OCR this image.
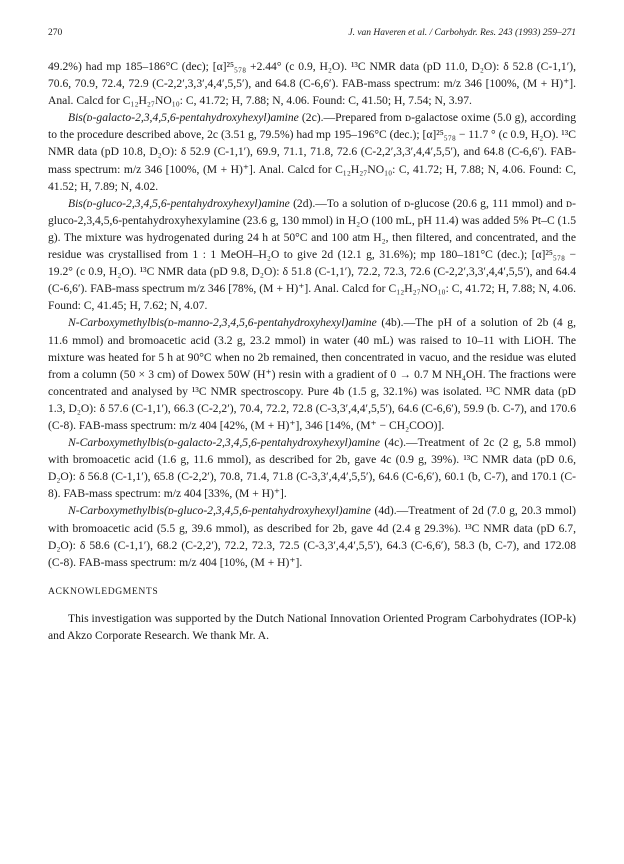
270	J. van Haveren et al. / Carbohydr. Res. 243 (1993) 259–271

49.2%) had mp 185–186°C (dec); [α]²⁵₅₇₈ +2.44° (c 0.9, H₂O). ¹³C NMR data (pD 11.0, D₂O): δ 52.8 (C-1,1′), 70.6, 70.9, 72.4, 72.9 (C-2,2′,3,3′,4,4′,5,5′), and 64.8 (C-6,6′). FAB-mass spectrum: m/z 346 [100%, (M + H)⁺]. Anal. Calcd for C₁₂H₂₇NO₁₀: C, 41.72; H, 7.88; N, 4.06. Found: C, 41.50; H, 7.54; N, 3.97.

Bis(ᴅ-galacto-2,3,4,5,6-pentahydroxyhexyl)amine (2c).—Prepared from ᴅ-galactose oxime (5.0 g), according to the procedure described above, 2c (3.51 g, 79.5%) had mp 195–196°C (dec.); [α]²⁵₅₇₈ − 11.7 ° (c 0.9, H₂O). ¹³C NMR data (pD 10.8, D₂O): δ 52.9 (C-1,1′), 69.9, 71.1, 71.8, 72.6 (C-2,2′,3,3′,4,4′,5,5′), and 64.8 (C-6,6′). FAB-mass spectrum: m/z 346 [100%, (M + H)⁺]. Anal. Calcd for C₁₂H₂₇NO₁₀: C, 41.72; H, 7.88; N, 4.06. Found: C, 41.52; H, 7.89; N, 4.02.

Bis(ᴅ-gluco-2,3,4,5,6-pentahydroxyhexyl)amine (2d).—To a solution of ᴅ-glucose (20.6 g, 111 mmol) and ᴅ-gluco-2,3,4,5,6-pentahydroxyhexylamine (23.6 g, 130 mmol) in H₂O (100 mL, pH 11.4) was added 5% Pt–C (1.5 g). The mixture was hydrogenated during 24 h at 50°C and 100 atm H₂, then filtered, and concentrated, and the residue was crystallised from 1 : 1 MeOH–H₂O to give 2d (12.1 g, 31.6%); mp 180–181°C (dec.); [α]²⁵₅₇₈ − 19.2° (c 0.9, H₂O). ¹³C NMR data (pD 9.8, D₂O): δ 51.8 (C-1,1′), 72.2, 72.3, 72.6 (C-2,2′,3,3′,4,4′,5,5′), and 64.4 (C-6,6′). FAB-mass spectrum m/z 346 [78%, (M + H)⁺]. Anal. Calcd for C₁₂H₂₇NO₁₀: C, 41.72; H, 7.88; N, 4.06. Found: C, 41.45; H, 7.62; N, 4.07.

N-Carboxymethylbis(ᴅ-manno-2,3,4,5,6-pentahydroxyhexyl)amine (4b).—The pH of a solution of 2b (4 g, 11.6 mmol) and bromoacetic acid (3.2 g, 23.2 mmol) in water (40 mL) was raised to 10–11 with LiOH. The mixture was heated for 5 h at 90°C when no 2b remained, then concentrated in vacuo, and the residue was eluted from a column (50 × 3 cm) of Dowex 50W (H⁺) resin with a gradient of 0 → 0.7 M NH₄OH. The fractions were concentrated and analysed by ¹³C NMR spectroscopy. Pure 4b (1.5 g, 32.1%) was isolated. ¹³C NMR data (pD 1.3, D₂O): δ 57.6 (C-1,1′), 66.3 (C-2,2′), 70.4, 72.2, 72.8 (C-3,3′,4,4′,5,5′), 64.6 (C-6,6′), 59.9 (b. C-7), and 170.6 (C-8). FAB-mass spectrum: m/z 404 [42%, (M + H)⁺], 346 [14%, (M⁺ − CH₂COO)].

N-Carboxymethylbis(ᴅ-galacto-2,3,4,5,6-pentahydroxyhexyl)amine (4c).—Treatment of 2c (2 g, 5.8 mmol) with bromoacetic acid (1.6 g, 11.6 mmol), as described for 2b, gave 4c (0.9 g, 39%). ¹³C NMR data (pD 0.6, D₂O): δ 56.8 (C-1,1′), 65.8 (C-2,2′), 70.8, 71.4, 71.8 (C-3,3′,4,4′,5,5′), 64.6 (C-6,6′), 60.1 (b, C-7), and 170.1 (C-8). FAB-mass spectrum: m/z 404 [33%, (M + H)⁺].

N-Carboxymethylbis(ᴅ-gluco-2,3,4,5,6-pentahydroxyhexyl)amine (4d).—Treatment of 2d (7.0 g, 20.3 mmol) with bromoacetic acid (5.5 g, 39.6 mmol), as described for 2b, gave 4d (2.4 g 29.3%). ¹³C NMR data (pD 6.7, D₂O): δ 58.6 (C-1,1′), 68.2 (C-2,2′), 72.2, 72.3, 72.5 (C-3,3′,4,4′,5,5′), 64.3 (C-6,6′), 58.3 (b, C-7), and 172.08 (C-8). FAB-mass spectrum: m/z 404 [10%, (M + H)⁺].

ACKNOWLEDGMENTS

This investigation was supported by the Dutch National Innovation Oriented Program Carbohydrates (IOP-k) and Akzo Corporate Research. We thank Mr. A.
